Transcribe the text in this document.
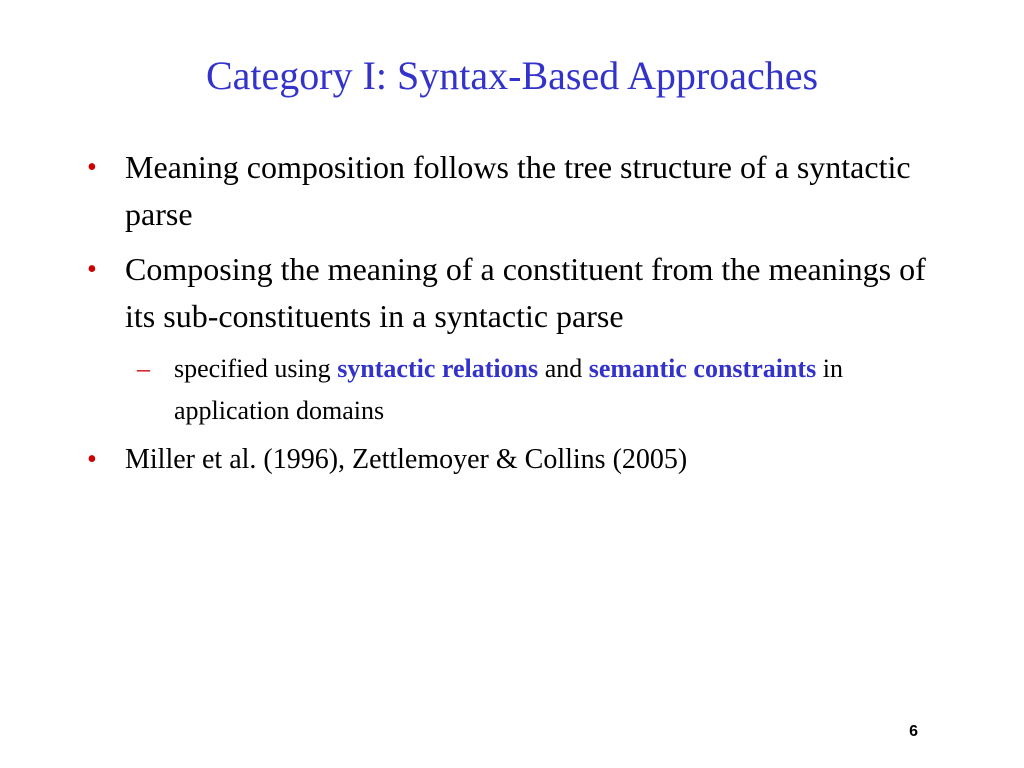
Category I: Syntax-Based Approaches
• Meaning composition follows the tree structure of a syntactic parse
• Composing the meaning of a constituent from the meanings of its sub-constituents in a syntactic parse
– specified using syntactic relations and semantic constraints in application domains
•	Miller et al. (1996), Zettlemoyer & Collins (2005)
6
